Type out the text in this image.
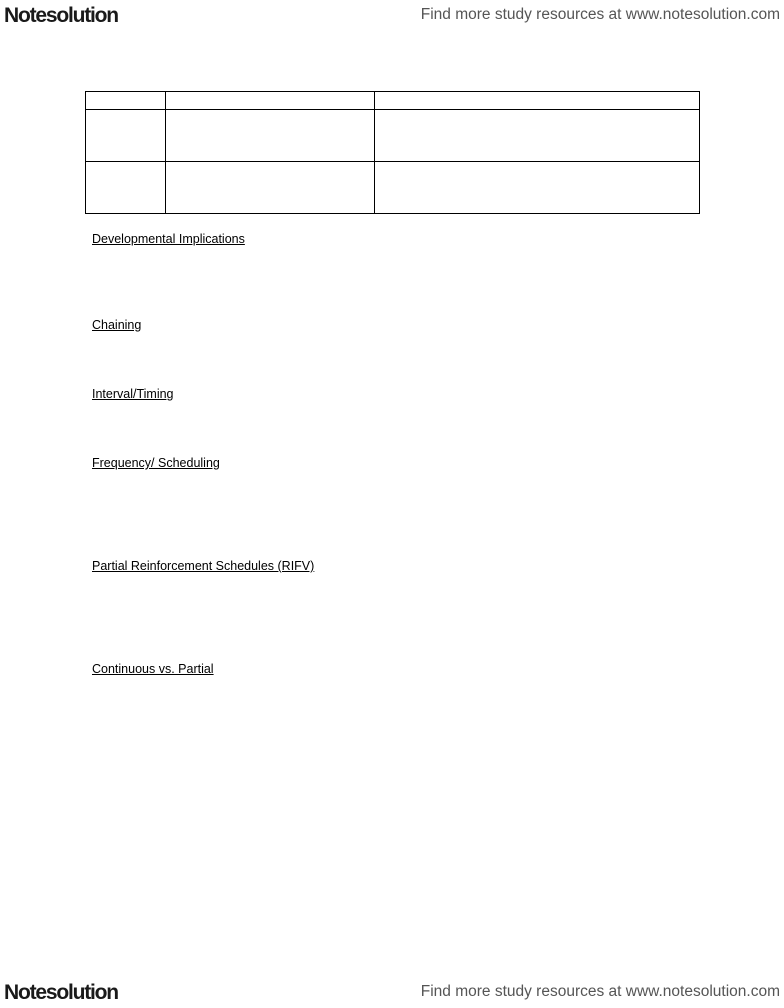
Notesolution	Find more study resources at www.notesolution.com

Developmental Implications
Chaining
Interval/Timing
Frequency/ Scheduling
Partial Reinforcement Schedules (RIFV)
Continuous vs. Partial
Notesolution	Find more study resources at www.notesolution.com
